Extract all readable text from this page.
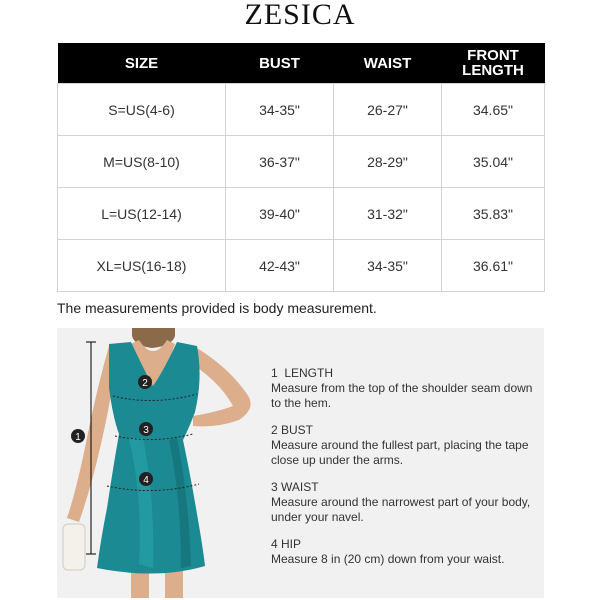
ZESICA
SIZE	BUST	WAIST	FRONT
LENGTH
S=US(4-6)	34-35"	26-27"	34.65"
M=US(8-10)	36-37"	28-29"	35.04"
L=US(12-14)	39-40"	31-32"	35.83"
XL=US(16-18)	42-43"	34-35"	36.61"
The measurements provided is body measurement.
1
2
3
4
1  LENGTH
Measure from the top of the shoulder seam down to the hem.
2 BUST
Measure around the fullest part, placing the tape close up under the arms.
3 WAIST
Measure around the narrowest part of your body, under your navel.
4 HIP
Measure 8 in (20 cm) down from your waist.
